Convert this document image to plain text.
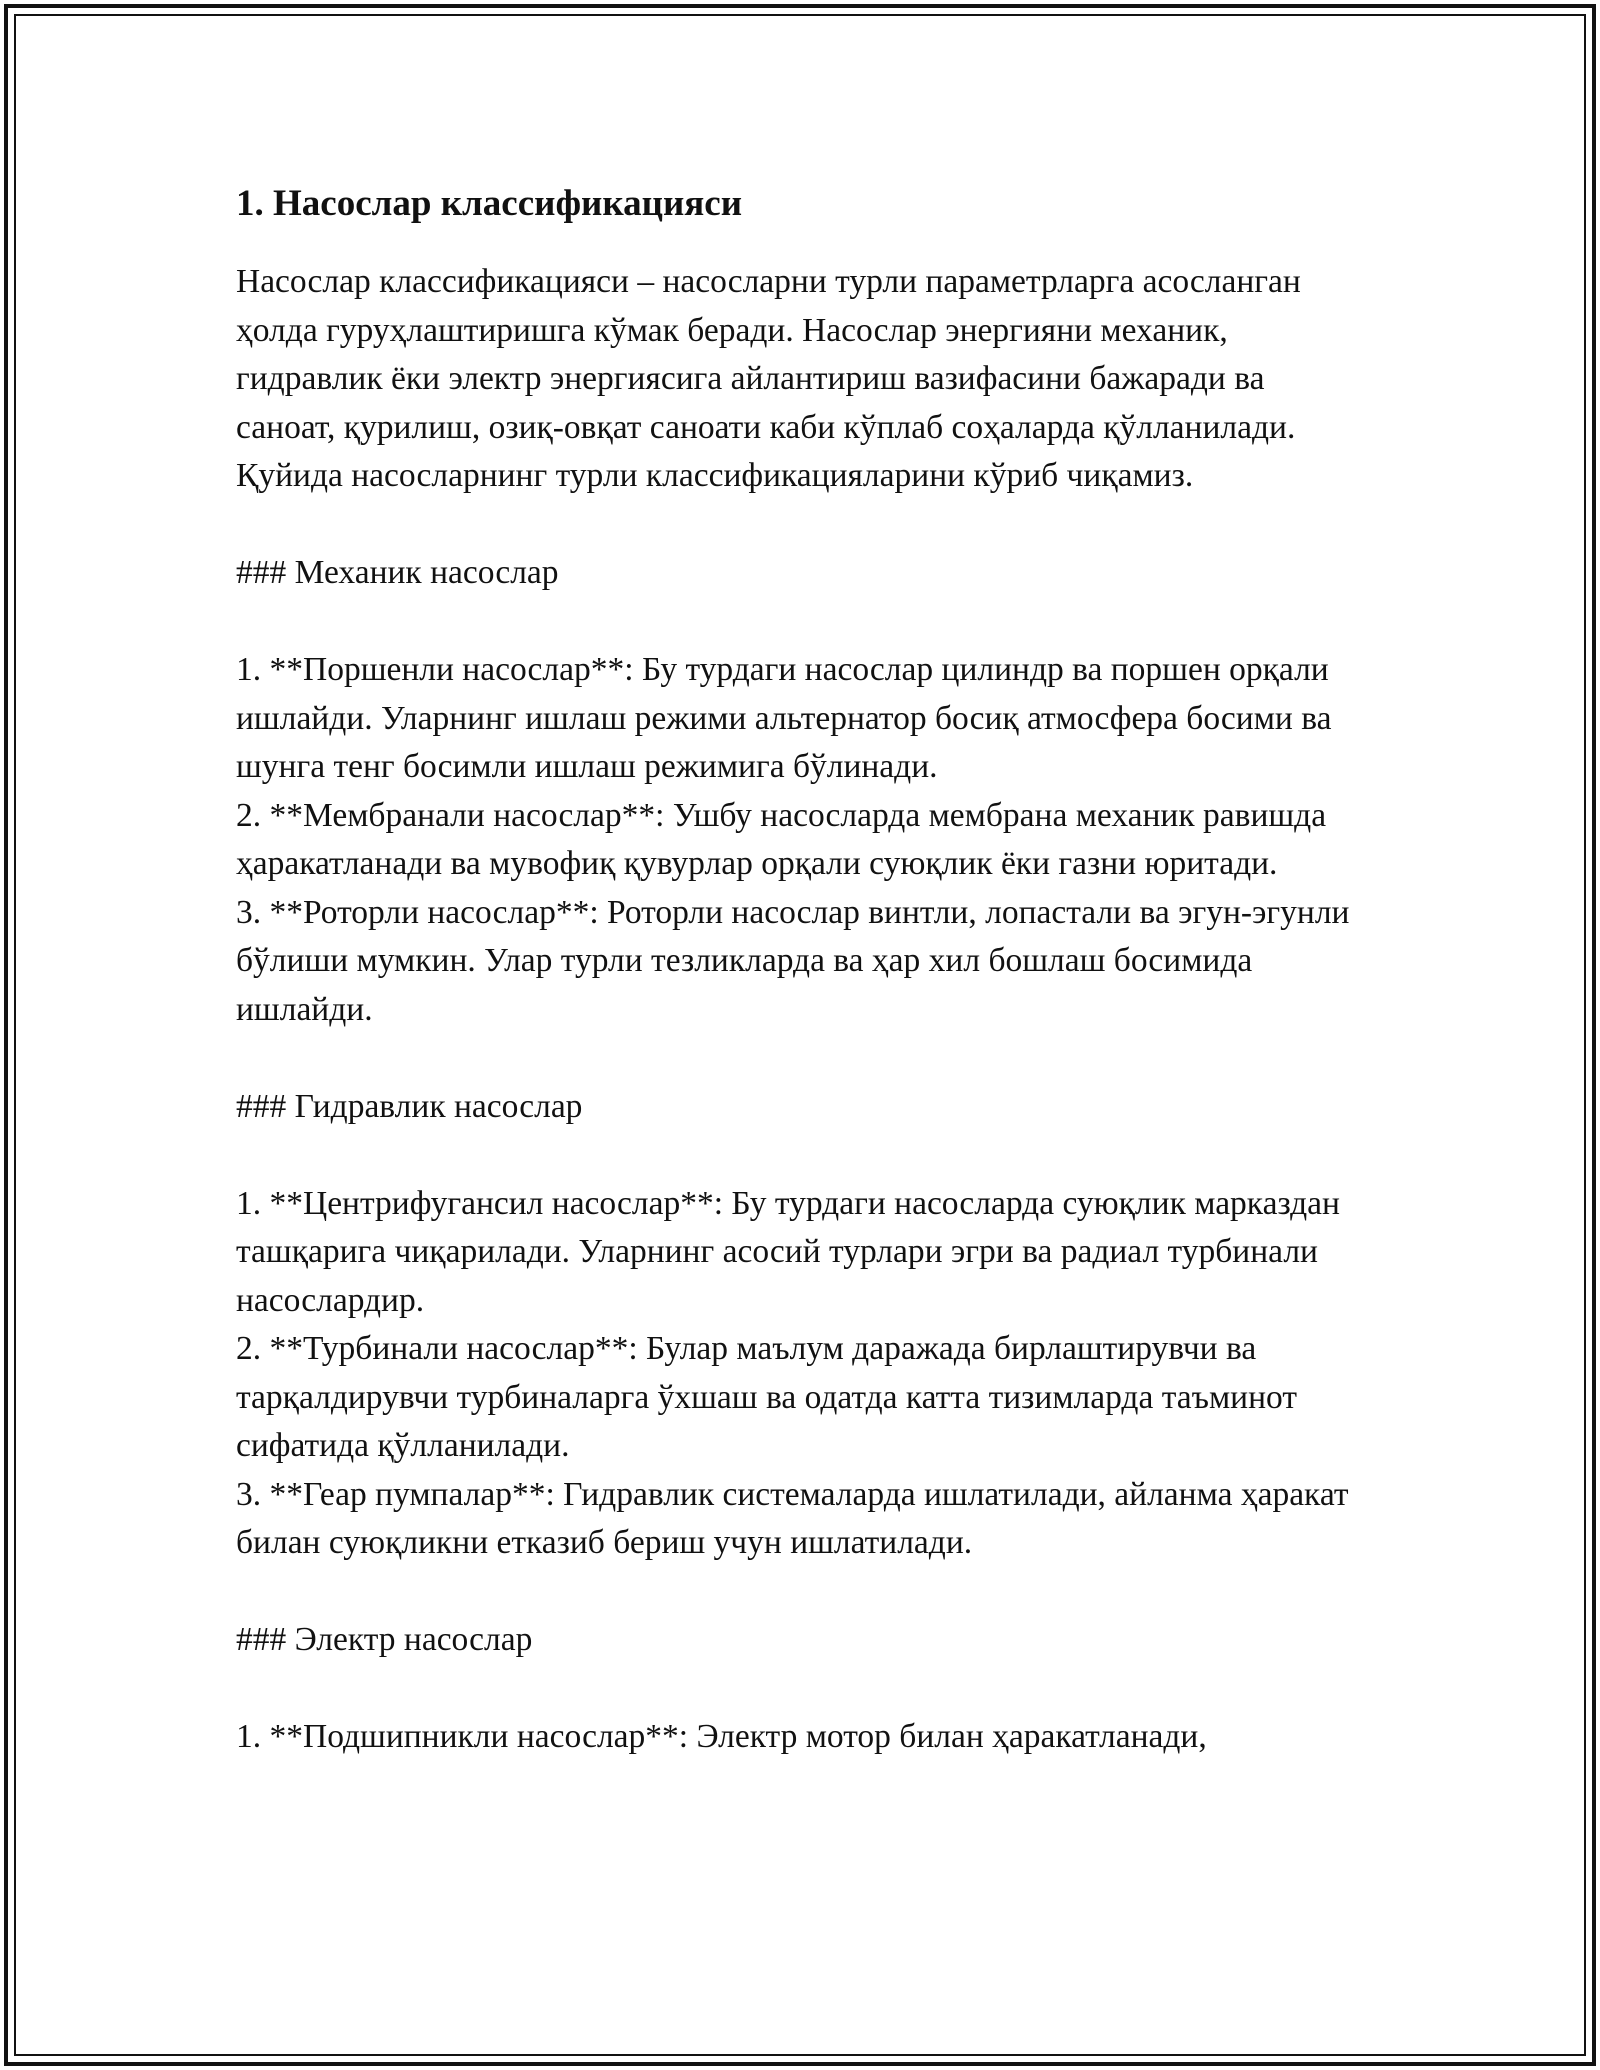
1. Насослар классификацияси

Насослар классификацияси – насосларни турли параметрларга асосланган ҳолда гуруҳлаштиришга кўмак беради. Насослар энергияни механик, гидравлик ёки электр энергиясига айлантириш вазифасини бажаради ва саноат, қурилиш, озиқ-овқат саноати каби кўплаб соҳаларда қўлланилади. Қуйида насосларнинг турли классификацияларини кўриб чиқамиз.

### Механик насослар

1. **Поршенли насослар**: Бу турдаги насослар цилиндр ва поршен орқали ишлайди. Уларнинг ишлаш режими альтернатор босиқ атмосфера босими ва шунга тенг босимли ишлаш режимига бўлинади.

2. **Мембранали насослар**: Ушбу насосларда мембрана механик равишда ҳаракатланади ва мувофиқ қувурлар орқали суюқлик ёки газни юритади.

3. **Роторли насослар**: Роторли насослар винтли, лопастали ва эгун-эгунли бўлиши мумкин. Улар турли тезликларда ва ҳар хил бошлаш босимида ишлайди.

### Гидравлик насослар

1. **Центрифугансил насослар**: Бу турдаги насосларда суюқлик марказдан ташқарига чиқарилади. Уларнинг асосий турлари эгри ва радиал турбинали насослардир.

2. **Турбинали насослар**: Булар маълум даражада бирлаштирувчи ва тарқалдирувчи турбиналарга ўхшаш ва одатда катта тизимларда таъминот сифатида қўлланилади.

3. **Геар пумпалар**: Гидравлик системаларда ишлатилади, айланма ҳаракат билан суюқликни етказиб бериш учун ишлатилади.

### Электр насослар

1. **Подшипникли насослар**: Электр мотор билан ҳаракатланади,
